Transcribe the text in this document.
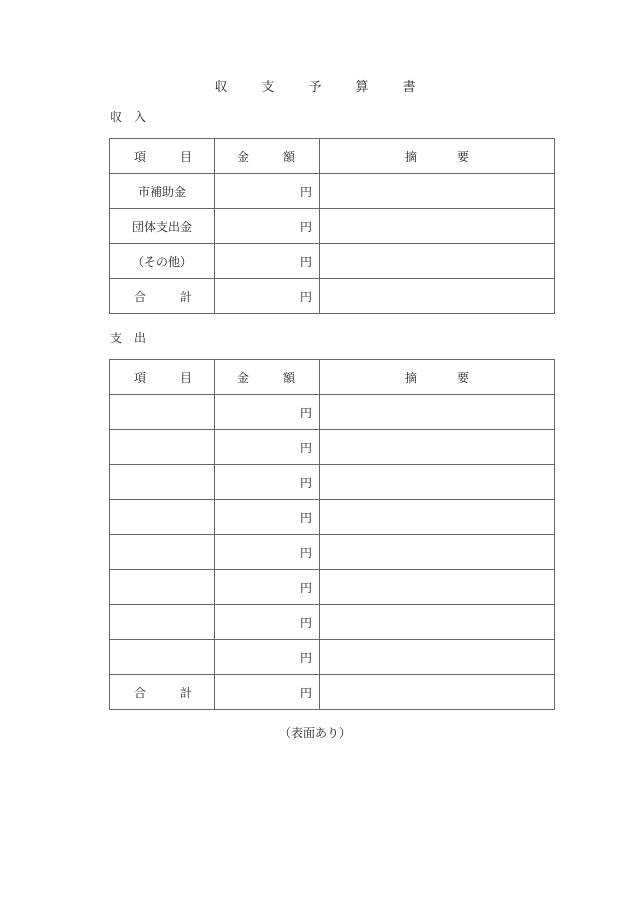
収	支	予	算	書
収 入
項 目	金 額	摘 要

市補助金	円	
団体支出金	円	
（その他）	円	

合 計	円	
支 出
項 目	金 額	摘 要

	円	
	円	
	円	
	円	
	円	
	円	
	円	
	円	

合 計	円	
（表面あり）
